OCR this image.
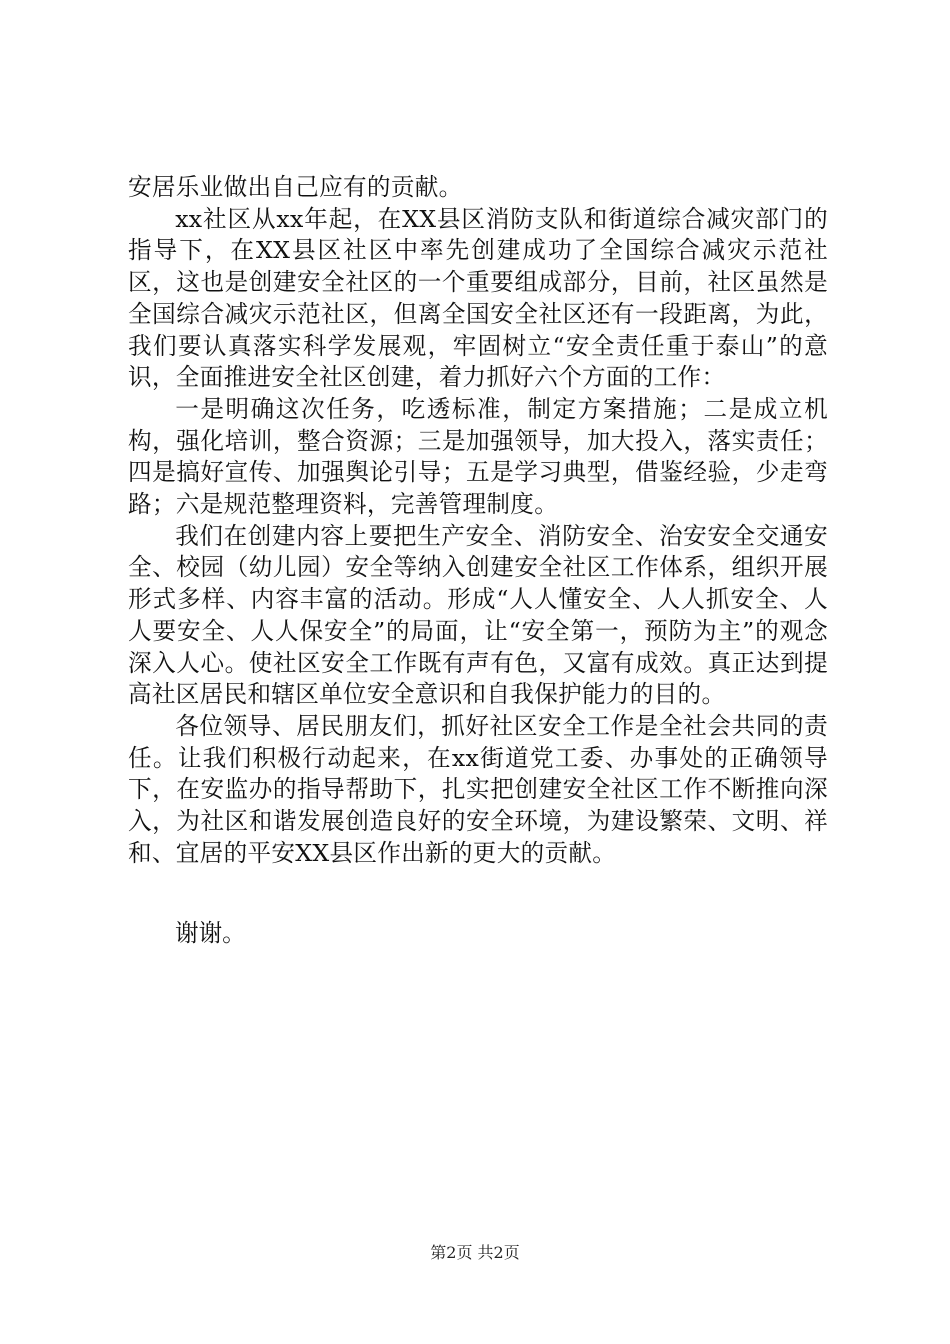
安居乐业做出自己应有的贡献。

xx社区从xx年起，在XX县区消防支队和街道综合减灾部门的指导下，在XX县区社区中率先创建成功了全国综合减灾示范社区，这也是创建安全社区的一个重要组成部分，目前，社区虽然是全国综合减灾示范社区，但离全国安全社区还有一段距离，为此，我们要认真落实科学发展观，牢固树立“安全责任重于泰山”的意识，全面推进安全社区创建，着力抓好六个方面的工作：

一是明确这次任务，吃透标准，制定方案措施；二是成立机构，强化培训，整合资源；三是加强领导，加大投入，落实责任；四是搞好宣传、加强舆论引导；五是学习典型，借鉴经验，少走弯路；六是规范整理资料，完善管理制度。

我们在创建内容上要把生产安全、消防安全、治安安全交通安全、校园（幼儿园）安全等纳入创建安全社区工作体系，组织开展形式多样、内容丰富的活动。形成“人人懂安全、人人抓安全、人人要安全、人人保安全”的局面，让“安全第一，预防为主”的观念深入人心。使社区安全工作既有声有色，又富有成效。真正达到提高社区居民和辖区单位安全意识和自我保护能力的目的。

各位领导、居民朋友们，抓好社区安全工作是全社会共同的责任。让我们积极行动起来，在xx街道党工委、办事处的正确领导下，在安监办的指导帮助下，扎实把创建安全社区工作不断推向深入，为社区和谐发展创造良好的安全环境，为建设繁荣、文明、祥和、宜居的平安XX县区作出新的更大的贡献。

谢谢。
第2页 共2页
